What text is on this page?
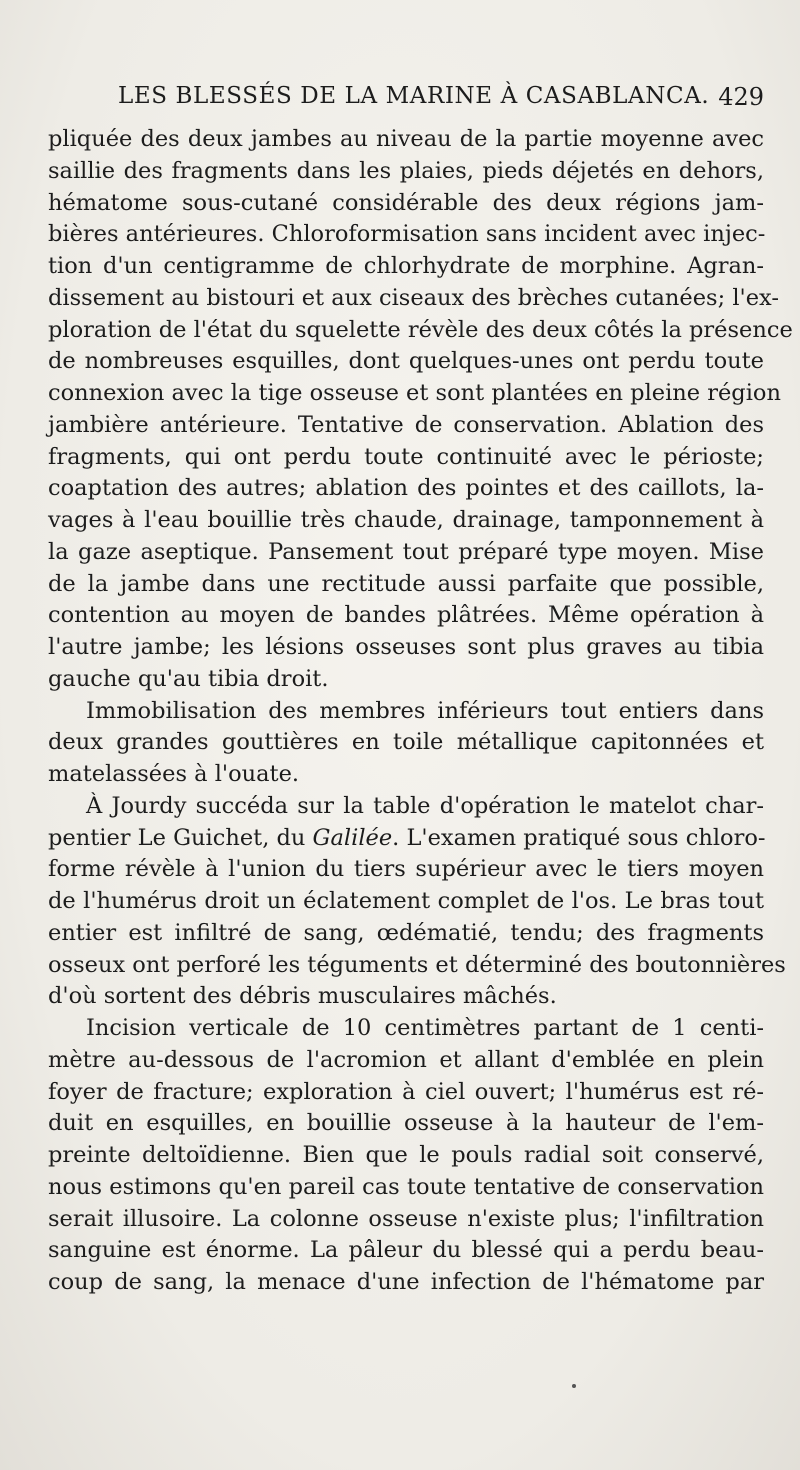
LES BLESSÉS DE LA MARINE À CASABLANCA. 429
pliquée des deux jambes au niveau de la partie moyenne avec
saillie des fragments dans les plaies, pieds déjetés en dehors,
hématome sous-cutané considérable des deux régions jam-
bières antérieures. Chloroformisation sans incident avec injec-
tion d'un centigramme de chlorhydrate de morphine. Agran-
dissement au bistouri et aux ciseaux des brèches cutanées; l'ex-
ploration de l'état du squelette révèle des deux côtés la présence
de nombreuses esquilles, dont quelques-unes ont perdu toute
connexion avec la tige osseuse et sont plantées en pleine région
jambière antérieure. Tentative de conservation. Ablation des
fragments, qui ont perdu toute continuité avec le périoste;
coaptation des autres; ablation des pointes et des caillots, la-
vages à l'eau bouillie très chaude, drainage, tamponnement à
la gaze aseptique. Pansement tout préparé type moyen. Mise
de la jambe dans une rectitude aussi parfaite que possible,
contention au moyen de bandes plâtrées. Même opération à
l'autre jambe; les lésions osseuses sont plus graves au tibia
gauche qu'au tibia droit.
Immobilisation des membres inférieurs tout entiers dans
deux grandes gouttières en toile métallique capitonnées et
matelassées à l'ouate.
À Jourdy succéda sur la table d'opération le matelot char-
pentier Le Guichet, du Galilée. L'examen pratiqué sous chloro-
forme révèle à l'union du tiers supérieur avec le tiers moyen
de l'humérus droit un éclatement complet de l'os. Le bras tout
entier est infiltré de sang, œdématié, tendu; des fragments
osseux ont perforé les téguments et déterminé des boutonnières
d'où sortent des débris musculaires mâchés.
Incision verticale de 10 centimètres partant de 1 centi-
mètre au-dessous de l'acromion et allant d'emblée en plein
foyer de fracture; exploration à ciel ouvert; l'humérus est ré-
duit en esquilles, en bouillie osseuse à la hauteur de l'em-
preinte deltoïdienne. Bien que le pouls radial soit conservé,
nous estimons qu'en pareil cas toute tentative de conservation
serait illusoire. La colonne osseuse n'existe plus; l'infiltration
sanguine est énorme. La pâleur du blessé qui a perdu beau-
coup de sang, la menace d'une infection de l'hématome par
